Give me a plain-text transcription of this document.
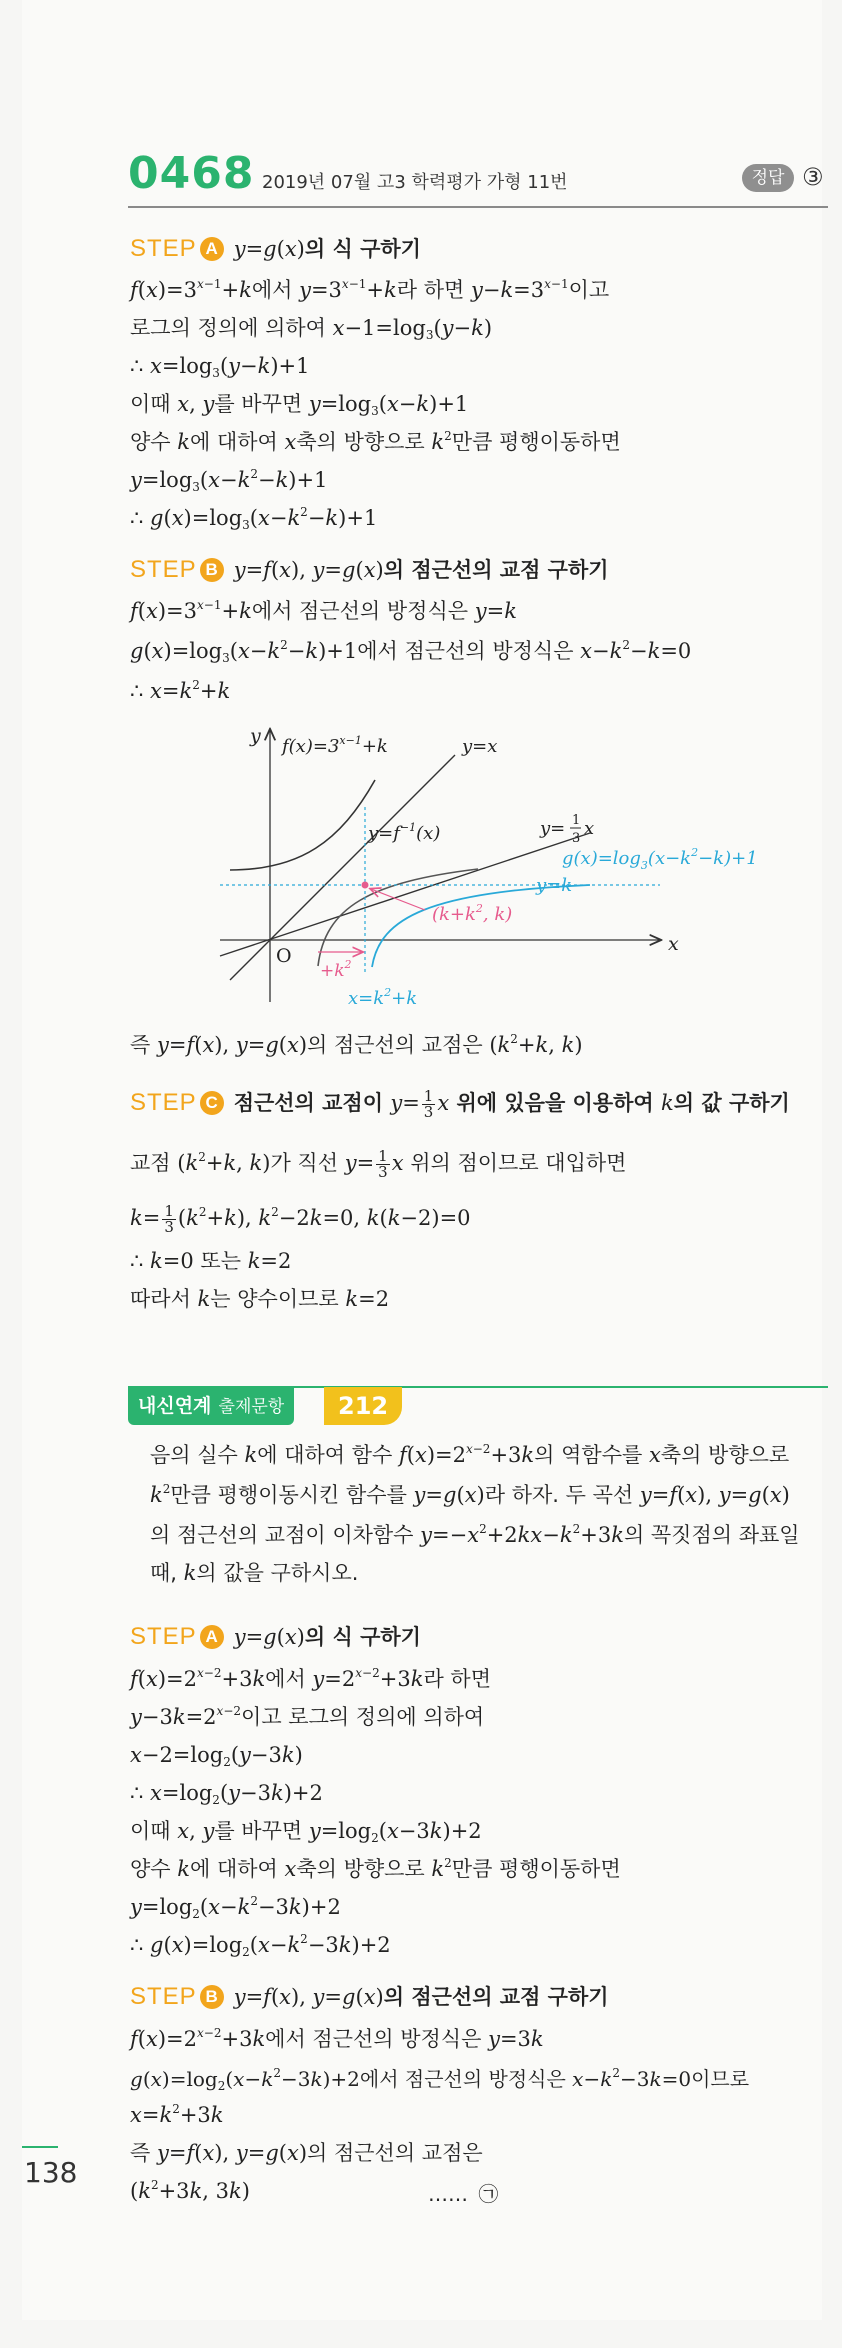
0468 2019년 07월 고3 학력평가 가형 11번	정답 ③
STEP A y=g(x)의 식 구하기
$f(x)=3^{x-1}+k$에서 $y=3^{x-1}+k$라 하면 $y-k=3^{x-1}$이고
로그의 정의에 의하여 $x-1=\log_3(y-k)$
∴ $x=\log_3(y-k)+1$
이때 x, y를 바꾸면 $y=\log_3(x-k)+1$
양수 k에 대하여 x축의 방향으로 $k^2$만큼 평행이동하면
$y=\log_3(x-k^2-k)+1$
∴ $g(x)=\log_3(x-k^2-k)+1$
STEP B y=f(x), y=g(x)의 점근선의 교점 구하기
$f(x)=3^{x-1}+k$에서 점근선의 방정식은 y=k
$g(x)=\log_3(x-k^2-k)+1$에서 점근선의 방정식은 $x-k^2-k=0$
∴ $x=k^2+k$
x
y
O
$f(x)=3^{x-1}+k$	y=x
$y=f^{-1}(x)$	y= 1
3 x
$g(x)=\log_3(x-k^2-k)+1$
y=k
($k+k^2$, k)
$+k^2$
$x=k^2+k$
즉 y=f(x), y=g(x)의 점근선의 교점은 ($k^2+k$, k)
STEP C 점근선의 교점이 $y= \frac{1}{3}$ x 위에 있음을 이용하여 k의 값 구하기
교점 ($k^2+k$, k)가 직선 $y= \frac{1}{3}$ x 위의 점이므로 대입하면
$k= \frac{1}{3} (k^2+k)$, $k^2-2k=0$, k(k−2)=0
∴ k=0 또는 k=2
따라서 k는 양수이므로 k=2
내신연계 출제문항	212
음의 실수 k에 대하여 함수 $f(x)=2^{x-2}+3k$의 역함수를 x축의 방향으로
$k^2$만큼 평행이동시킨 함수를 y=g(x)라 하자. 두 곡선 y=f(x), y=g(x)
의 점근선의 교점이 이차함수 $y=-x^2+2kx-k^2+3k$의 꼭짓점의 좌표일
때, k의 값을 구하시오.
STEP A y=g(x)의 식 구하기
$f(x)=2^{x-2}+3k$에서 $y=2^{x-2}+3k$라 하면
$y-3k=2^{x-2}$이고 로그의 정의에 의하여
$x-2=\log_2(y-3k)$
∴ $x=\log_2(y-3k)+2$
이때 x, y를 바꾸면 $y=\log_2(x-3k)+2$
양수 k에 대하여 x축의 방향으로 $k^2$만큼 평행이동하면
$y=\log_2(x-k^2-3k)+2$
∴ $g(x)=\log_2(x-k^2-3k)+2$
STEP B y=f(x), y=g(x)의 점근선의 교점 구하기
$f(x)=2^{x-2}+3k$에서 점근선의 방정식은 y=3k
$g(x)=\log_2(x-k^2-3k)+2$에서 점근선의 방정식은 $x-k^2-3k=0$이므로
$x=k^2+3k$
즉 y=f(x), y=g(x)의 점근선의 교점은
($k^2+3k$, 3k)	…… ㉠
138
